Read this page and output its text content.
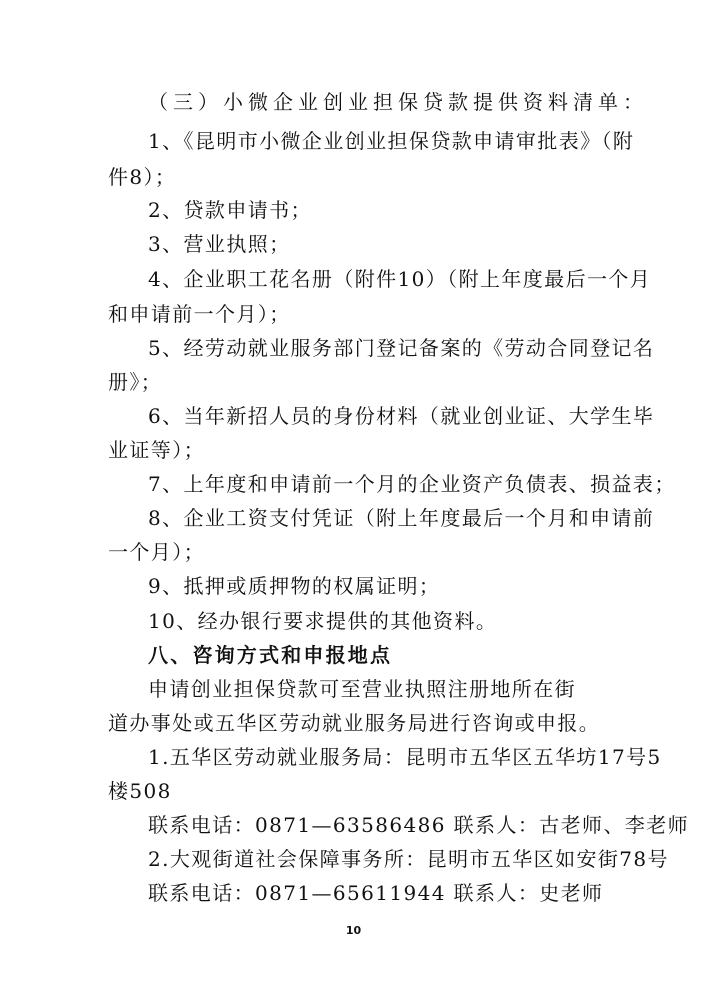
（三）小微企业创业担保贷款提供资料清单：
1、《昆明市小微企业创业担保贷款申请审批表》（附
件8）；
2、贷款申请书；
3、营业执照；
4、企业职工花名册（附件10）（附上年度最后一个月
和申请前一个月）；
5、经劳动就业服务部门登记备案的《劳动合同登记名
册》；
6、当年新招人员的身份材料（就业创业证、大学生毕
业证等）；
7、上年度和申请前一个月的企业资产负债表、损益表；
8、企业工资支付凭证（附上年度最后一个月和申请前
一个月）；
9、抵押或质押物的权属证明；
10、经办银行要求提供的其他资料。
八、咨询方式和申报地点
申请创业担保贷款可至营业执照注册地所在街
道办事处或五华区劳动就业服务局进行咨询或申报。
1.五华区劳动就业服务局：昆明市五华区五华坊17号5
楼508
联系电话：0871—63586486 联系人：古老师、李老师
2.大观街道社会保障事务所：昆明市五华区如安街78号
联系电话：0871—65611944 联系人：史老师
10
